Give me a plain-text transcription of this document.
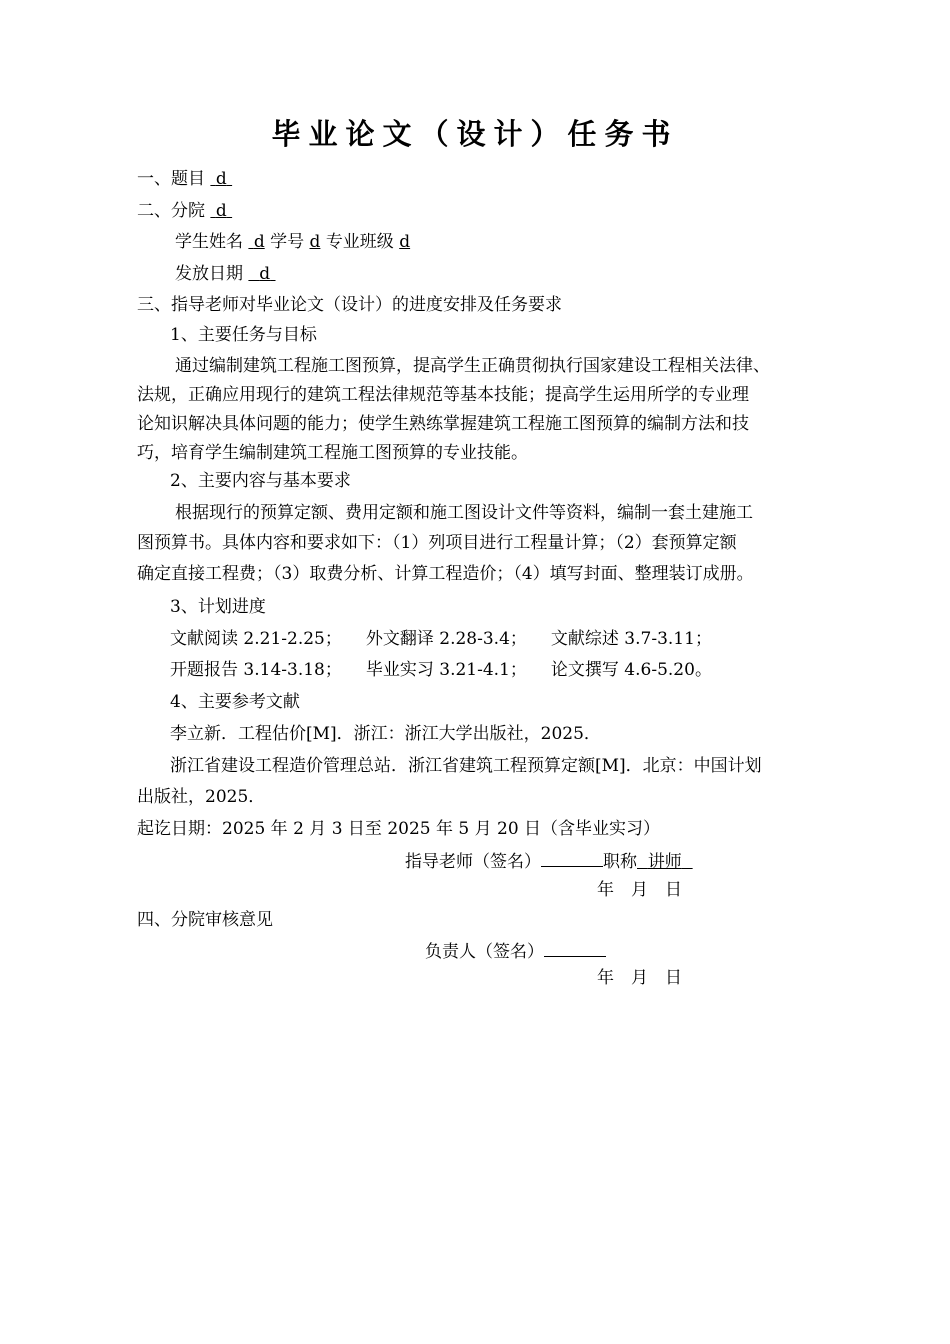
毕业论文（设计）任务书
一、题目 d
二、分院 d
学生姓名 d 学号 d 专业班级 d
发放日期 d
三、指导老师对毕业论文（设计）的进度安排及任务要求
1、主要任务与目标
通过编制建筑工程施工图预算，提高学生正确贯彻执行国家建设工程相关法律、
法规，正确应用现行的建筑工程法律规范等基本技能；提高学生运用所学的专业理
论知识解决具体问题的能力；使学生熟练掌握建筑工程施工图预算的编制方法和技
巧，培育学生编制建筑工程施工图预算的专业技能。
2、主要内容与基本要求
根据现行的预算定额、费用定额和施工图设计文件等资料，编制一套土建施工
图预算书。具体内容和要求如下：（1）列项目进行工程量计算；（2）套预算定额
确定直接工程费；（3）取费分析、计算工程造价；（4）填写封面、整理装订成册。
3、计划进度
文献阅读 2.21-2.25； 外文翻译 2.28-3.4； 文献综述 3.7-3.11；
开题报告 3.14-3.18； 毕业实习 3.21-4.1； 论文撰写 4.6-5.20。
4、主要参考文献
李立新．工程估价[M]．浙江：浙江大学出版社，2025．
浙江省建设工程造价管理总站．浙江省建筑工程预算定额[M]．北京：中国计划
出版社，2025．
起讫日期：2025 年 2 月 3 日至 2025 年 5 月 20 日（含毕业实习）
指导老师（签名）	职称 讲师
年　月　日
四、分院审核意见
负责人（签名）
年　月　日
